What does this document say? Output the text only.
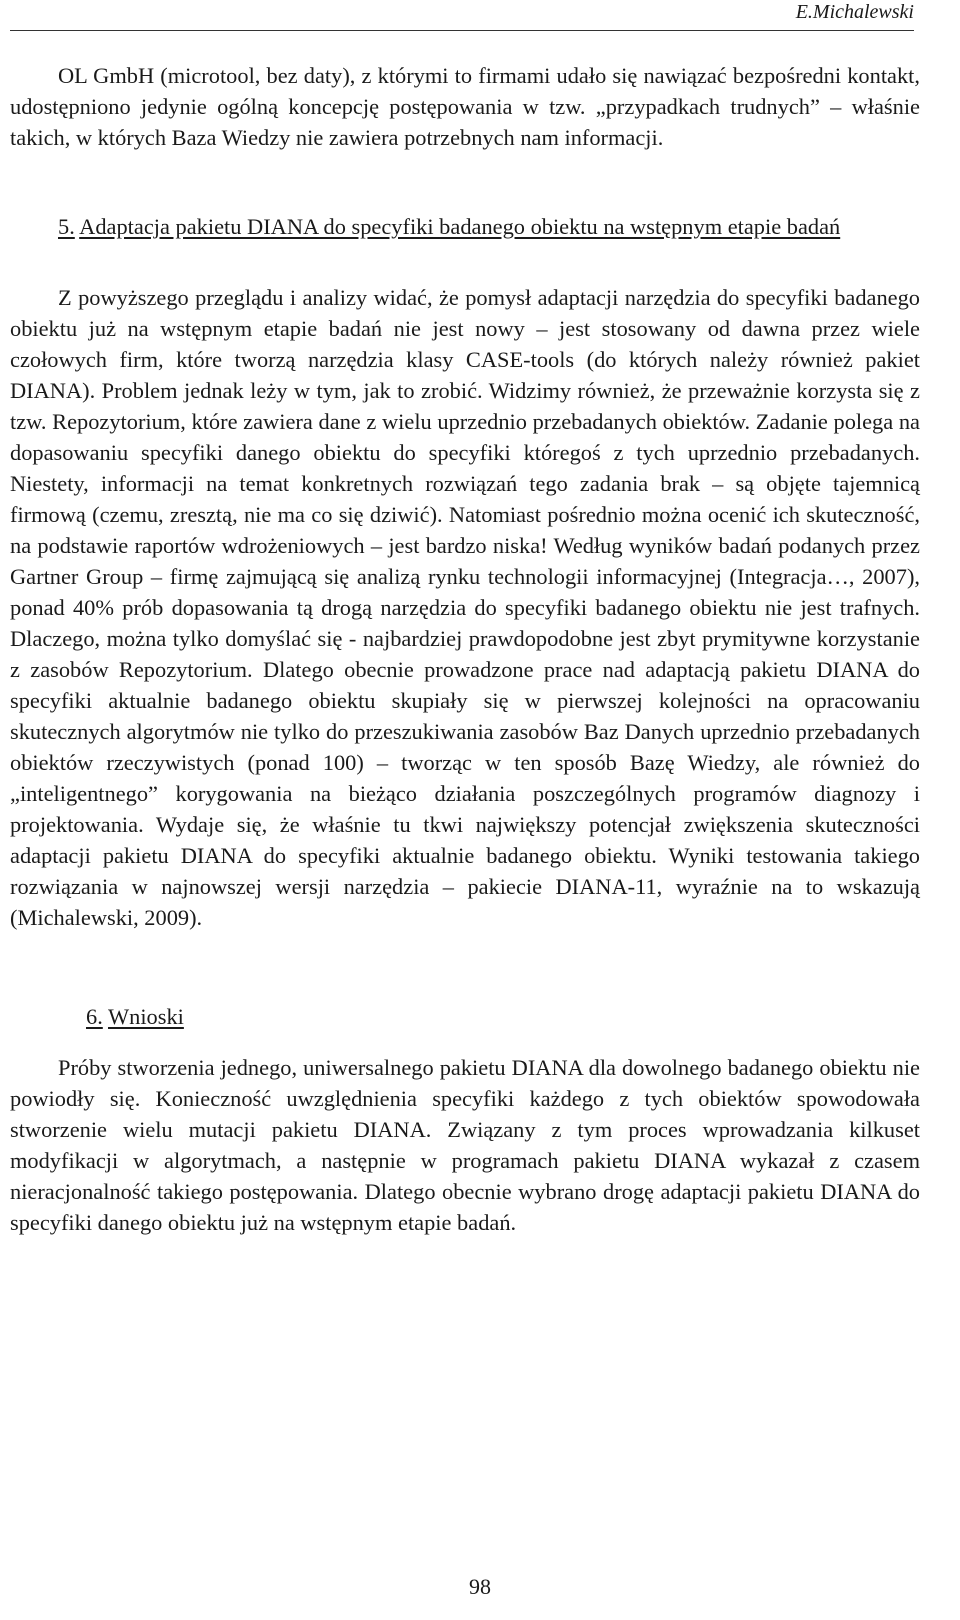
E.Michalewski

OL GmbH (microtool, bez daty), z którymi to firmami udało się nawiązać bezpośredni kontakt, udostępniono jedynie ogólną koncepcję postępowania w tzw. „przypadkach trudnych” – właśnie takich, w których Baza Wiedzy nie zawiera potrzebnych nam informacji.

5. Adaptacja pakietu DIANA do specyfiki badanego obiektu na wstępnym etapie badań

Z powyższego przeglądu i analizy widać, że pomysł adaptacji narzędzia do specyfiki badanego obiektu już na wstępnym etapie badań nie jest nowy – jest stosowany od dawna przez wiele czołowych firm, które tworzą narzędzia klasy CASE-tools (do których należy również pakiet DIANA). Problem jednak leży w tym, jak to zrobić. Widzimy również, że przeważnie korzysta się z tzw. Repozytorium, które zawiera dane z wielu uprzednio przebadanych obiektów. Zadanie polega na dopasowaniu specyfiki danego obiektu do specyfiki któregoś z tych uprzednio przebadanych. Niestety, informacji na temat konkretnych rozwiązań tego zadania brak – są objęte tajemnicą firmową (czemu, zresztą, nie ma co się dziwić). Natomiast pośrednio można ocenić ich skuteczność, na podstawie raportów wdrożeniowych – jest bardzo niska! Według wyników badań podanych przez Gartner Group – firmę zajmującą się analizą rynku technologii informacyjnej (Integracja…, 2007), ponad 40% prób dopasowania tą drogą narzędzia do specyfiki badanego obiektu nie jest trafnych. Dlaczego, można tylko domyślać się - najbardziej prawdopodobne jest zbyt prymitywne korzystanie z zasobów Repozytorium. Dlatego obecnie prowadzone prace nad adaptacją pakietu DIANA do specyfiki aktualnie badanego obiektu skupiały się w pierwszej kolejności na opracowaniu skutecznych algorytmów nie tylko do przeszukiwania zasobów Baz Danych uprzednio przebadanych obiektów rzeczywistych (ponad 100) – tworząc w ten sposób Bazę Wiedzy, ale również do „inteligentnego” korygowania na bieżąco działania poszczególnych programów diagnozy i projektowania. Wydaje się, że właśnie tu tkwi największy potencjał zwiększenia skuteczności adaptacji pakietu DIANA do specyfiki aktualnie badanego obiektu. Wyniki testowania takiego rozwiązania w najnowszej wersji narzędzia – pakiecie DIANA-11, wyraźnie na to wskazują (Michalewski, 2009).

6. Wnioski

Próby stworzenia jednego, uniwersalnego pakietu DIANA dla dowolnego badanego obiektu nie powiodły się. Konieczność uwzględnienia specyfiki każdego z tych obiektów spowodowała stworzenie wielu mutacji pakietu DIANA. Związany z tym proces wprowadzania kilkuset modyfikacji w algorytmach, a następnie w programach pakietu DIANA wykazał z czasem nieracjonalność takiego postępowania. Dlatego obecnie wybrano drogę adaptacji pakietu DIANA do specyfiki danego obiektu już na wstępnym etapie badań.

98
